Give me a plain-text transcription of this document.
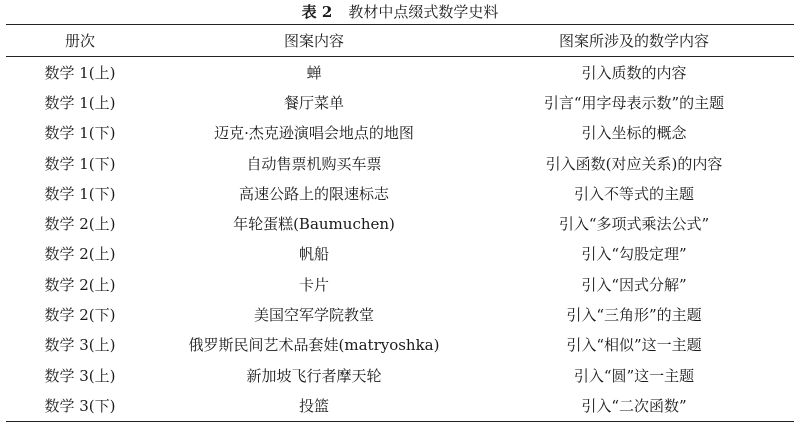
表 2 教材中点缀式数学史料
册次	图案内容	图案所涉及的数学内容
数学 1(上)	蝉	引入质数的内容
数学 1(上)	餐厅菜单	引言“用字母表示数”的主题
数学 1(下)	迈克·杰克逊演唱会地点的地图	引入坐标的概念
数学 1(下)	自动售票机购买车票	引入函数(对应关系)的内容
数学 1(下)	高速公路上的限速标志	引入不等式的主题
数学 2(上)	年轮蛋糕(Baumuchen)	引入“多项式乘法公式”
数学 2(上)	帆船	引入“勾股定理”
数学 2(上)	卡片	引入“因式分解”
数学 2(下)	美国空军学院教堂	引入“三角形”的主题
数学 3(上)	俄罗斯民间艺术品套娃(matryoshka)	引入“相似”这一主题
数学 3(上)	新加坡飞行者摩天轮	引入“圆”这一主题
数学 3(下)	投篮	引入“二次函数”
